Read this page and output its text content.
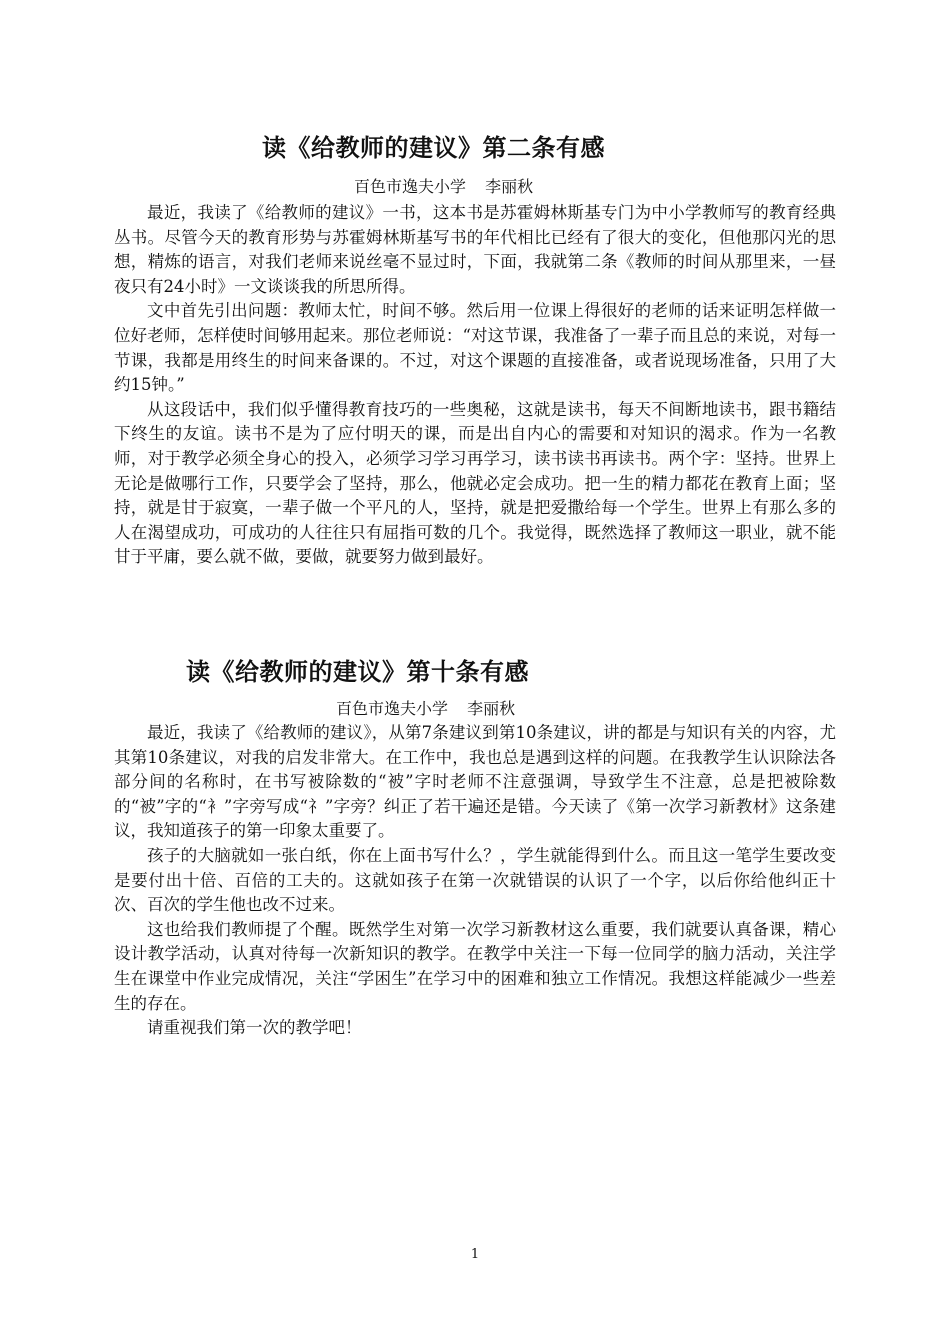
读《给教师的建议》第二条有感
百色市逸夫小学 李丽秋

最近，我读了《给教师的建议》一书，这本书是苏霍姆林斯基专门为中小学教师写的教育经典丛书。尽管今天的教育形势与苏霍姆林斯基写书的年代相比已经有了很大的变化，但他那闪光的思想，精炼的语言，对我们老师来说丝毫不显过时，下面，我就第二条《教师的时间从那里来，一昼夜只有24小时》一文谈谈我的所思所得。

文中首先引出问题：教师太忙，时间不够。然后用一位课上得很好的老师的话来证明怎样做一位好老师，怎样使时间够用起来。那位老师说：“对这节课，我准备了一辈子而且总的来说，对每一节课，我都是用终生的时间来备课的。不过，对这个课题的直接准备，或者说现场准备，只用了大约15钟。”

从这段话中，我们似乎懂得教育技巧的一些奥秘，这就是读书，每天不间断地读书，跟书籍结下终生的友谊。读书不是为了应付明天的课，而是出自内心的需要和对知识的渴求。作为一名教师，对于教学必须全身心的投入，必须学习学习再学习，读书读书再读书。两个字：坚持。世界上无论是做哪行工作，只要学会了坚持，那么，他就必定会成功。把一生的精力都花在教育上面；坚持，就是甘于寂寞，一辈子做一个平凡的人，坚持，就是把爱撒给每一个学生。世界上有那么多的人在渴望成功，可成功的人往往只有屈指可数的几个。我觉得，既然选择了教师这一职业，就不能甘于平庸，要么就不做，要做，就要努力做到最好。

读《给教师的建议》第十条有感
百色市逸夫小学 李丽秋

最近，我读了《给教师的建议》，从第7条建议到第10条建议，讲的都是与知识有关的内容，尤其第10条建议，对我的启发非常大。在工作中，我也总是遇到这样的问题。在我教学生认识除法各部分间的名称时，在书写被除数的“被”字时老师不注意强调，导致学生不注意，总是把被除数的“被”字的“衤”字旁写成“礻”字旁？纠正了若干遍还是错。今天读了《第一次学习新教材》这条建议，我知道孩子的第一印象太重要了。

孩子的大脑就如一张白纸，你在上面书写什么？，学生就能得到什么。而且这一笔学生要改变是要付出十倍、百倍的工夫的。这就如孩子在第一次就错误的认识了一个字，以后你给他纠正十次、百次的学生他也改不过来。

这也给我们教师提了个醒。既然学生对第一次学习新教材这么重要，我们就要认真备课，精心设计教学活动，认真对待每一次新知识的教学。在教学中关注一下每一位同学的脑力活动，关注学生在课堂中作业完成情况，关注“学困生”在学习中的困难和独立工作情况。我想这样能减少一些差生的存在。

请重视我们第一次的教学吧！

1
